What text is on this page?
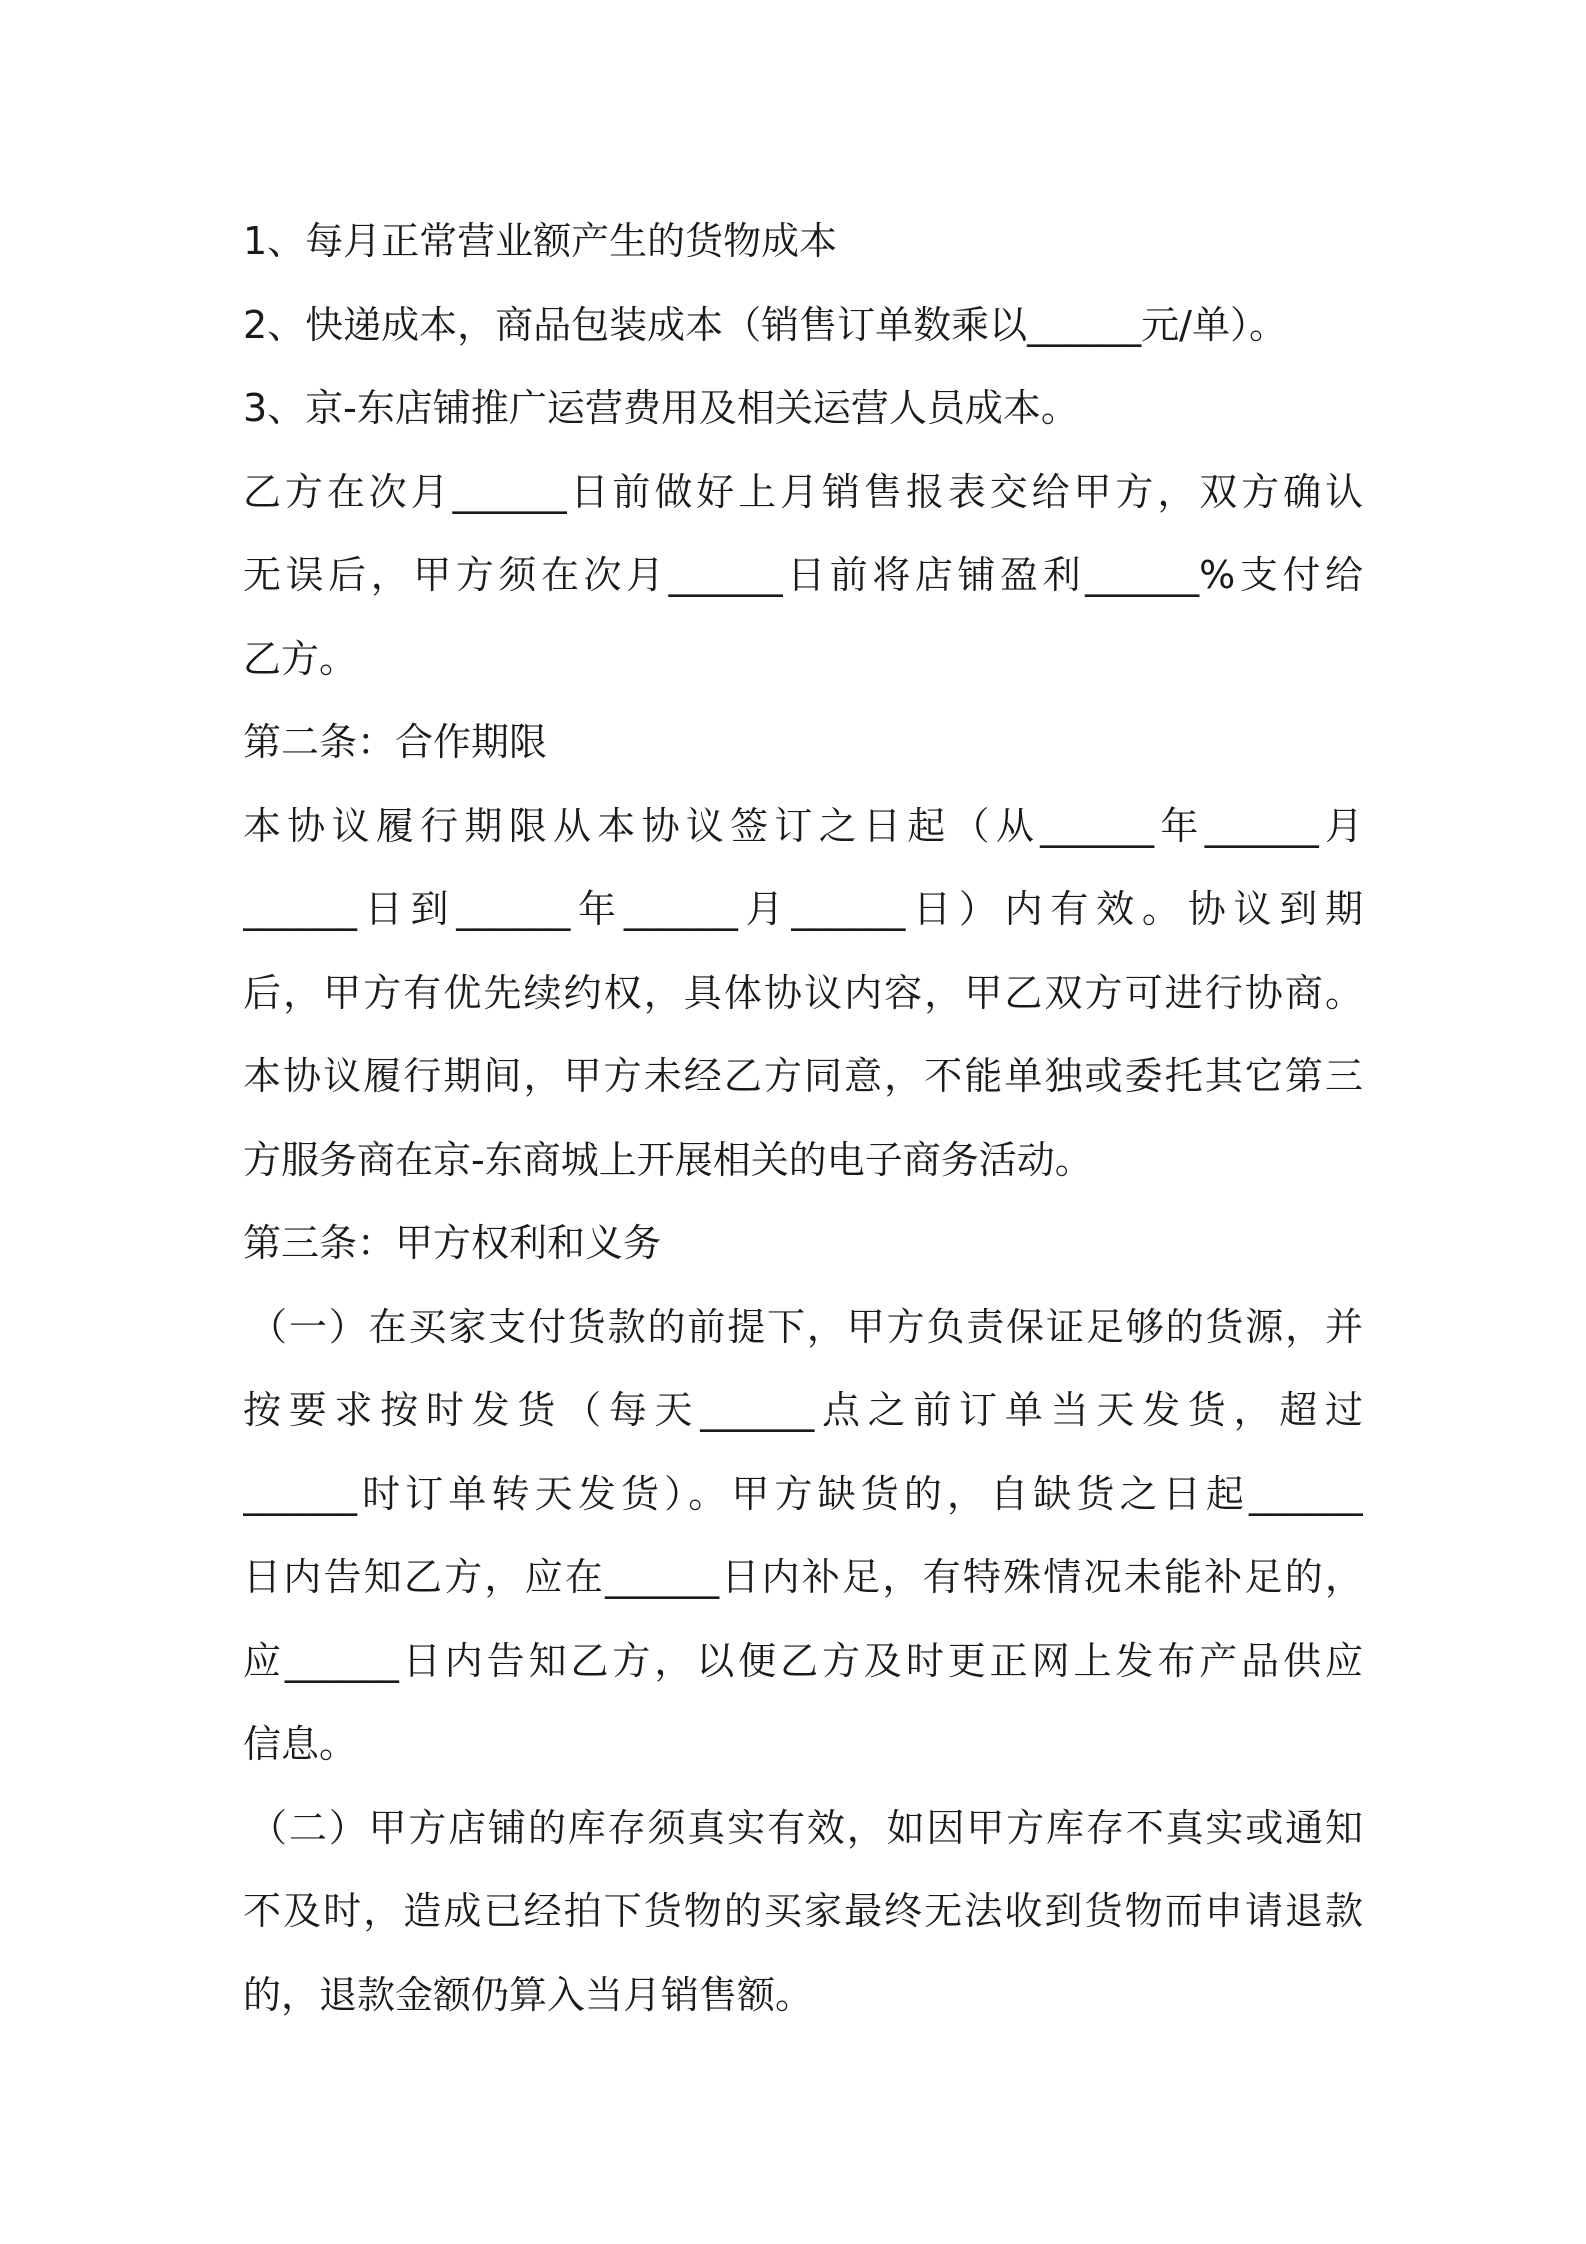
1、每月正常营业额产生的货物成本
2、快递成本，商品包装成本（销售订单数乘以______元/单）。
3、京-东店铺推广运营费用及相关运营人员成本。
乙方在次月______日前做好上月销售报表交给甲方，双方确认
无误后，甲方须在次月______日前将店铺盈利______%支付给
乙方。
第二条：合作期限
本协议履行期限从本协议签订之日起（从______年______月
______日到______年______月______日）内有效。协议到期
后，甲方有优先续约权，具体协议内容，甲乙双方可进行协商。
本协议履行期间，甲方未经乙方同意，不能单独或委托其它第三
方服务商在京-东商城上开展相关的电子商务活动。
第三条：甲方权利和义务
（一）在买家支付货款的前提下，甲方负责保证足够的货源，并
按要求按时发货（每天______点之前订单当天发货，超过
______时订单转天发货）。甲方缺货的，自缺货之日起______
日内告知乙方，应在______日内补足，有特殊情况未能补足的，
应______日内告知乙方，以便乙方及时更正网上发布产品供应
信息。
（二）甲方店铺的库存须真实有效，如因甲方库存不真实或通知
不及时，造成已经拍下货物的买家最终无法收到货物而申请退款
的，退款金额仍算入当月销售额。
